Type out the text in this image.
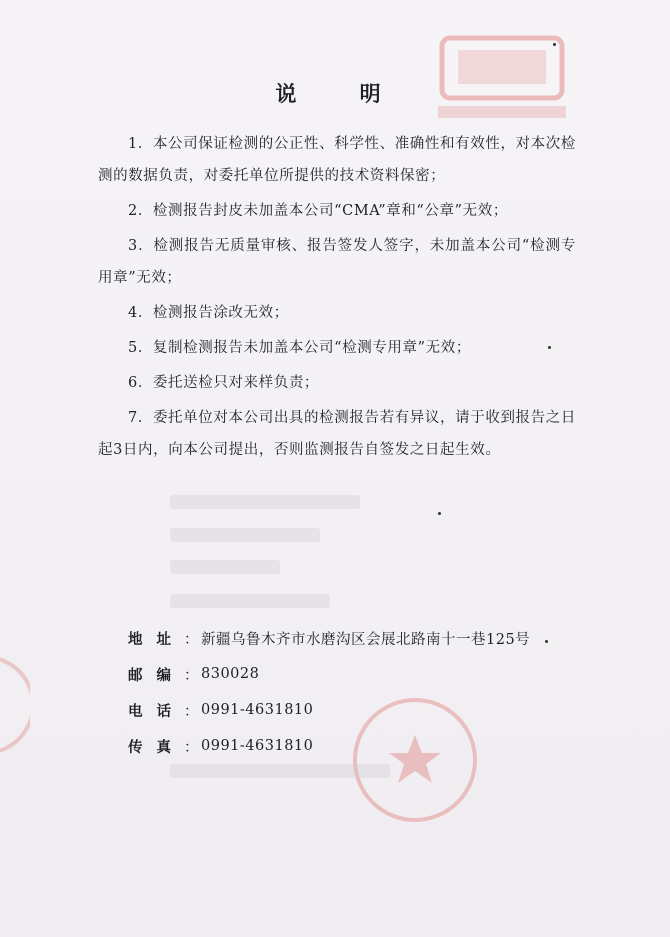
说 明

1．本公司保证检测的公正性、科学性、准确性和有效性，对本次检测的数据负责，对委托单位所提供的技术资料保密；

2．检测报告封皮未加盖本公司“CMA”章和“公章”无效；

3．检测报告无质量审核、报告签发人签字，未加盖本公司“检测专用章”无效；

4．检测报告涂改无效；

5．复制检测报告未加盖本公司“检测专用章”无效；

6．委托送检只对来样负责；

7．委托单位对本公司出具的检测报告若有异议，请于收到报告之日起3日内，向本公司提出，否则监测报告自签发之日起生效。

地址 ： 新疆乌鲁木齐市水磨沟区会展北路南十一巷125号
邮编 ： 830028
电话 ： 0991-4631810
传真 ： 0991-4631810
